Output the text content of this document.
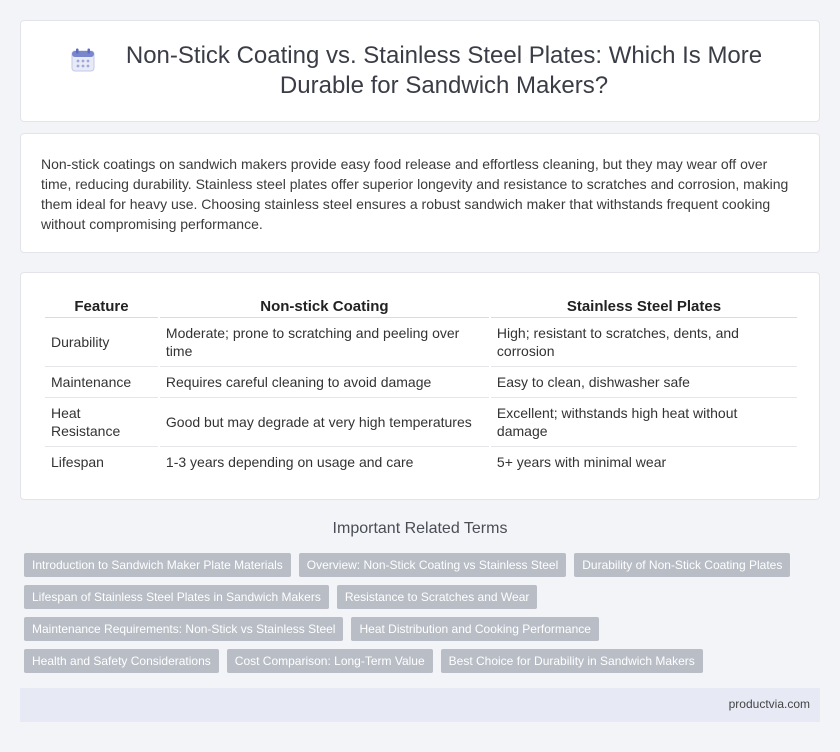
Non-Stick Coating vs. Stainless Steel Plates: Which Is More Durable for Sandwich Makers?

Non-stick coatings on sandwich makers provide easy food release and effortless cleaning, but they may wear off over time, reducing durability. Stainless steel plates offer superior longevity and resistance to scratches and corrosion, making them ideal for heavy use. Choosing stainless steel ensures a robust sandwich maker that withstands frequent cooking without compromising performance.

Feature	Non-stick Coating	Stainless Steel Plates
Durability	Moderate; prone to scratching and peeling over time	High; resistant to scratches, dents, and corrosion
Maintenance	Requires careful cleaning to avoid damage	Easy to clean, dishwasher safe
Heat Resistance	Good but may degrade at very high temperatures	Excellent; withstands high heat without damage
Lifespan	1-3 years depending on usage and care	5+ years with minimal wear
Important Related Terms
Introduction to Sandwich Maker Plate Materials	Overview: Non-Stick Coating vs Stainless Steel	Durability of Non-Stick Coating Plates
Lifespan of Stainless Steel Plates in Sandwich Makers	Resistance to Scratches and Wear
Maintenance Requirements: Non-Stick vs Stainless Steel	Heat Distribution and Cooking Performance
Health and Safety Considerations	Cost Comparison: Long-Term Value	Best Choice for Durability in Sandwich Makers
productvia.com
